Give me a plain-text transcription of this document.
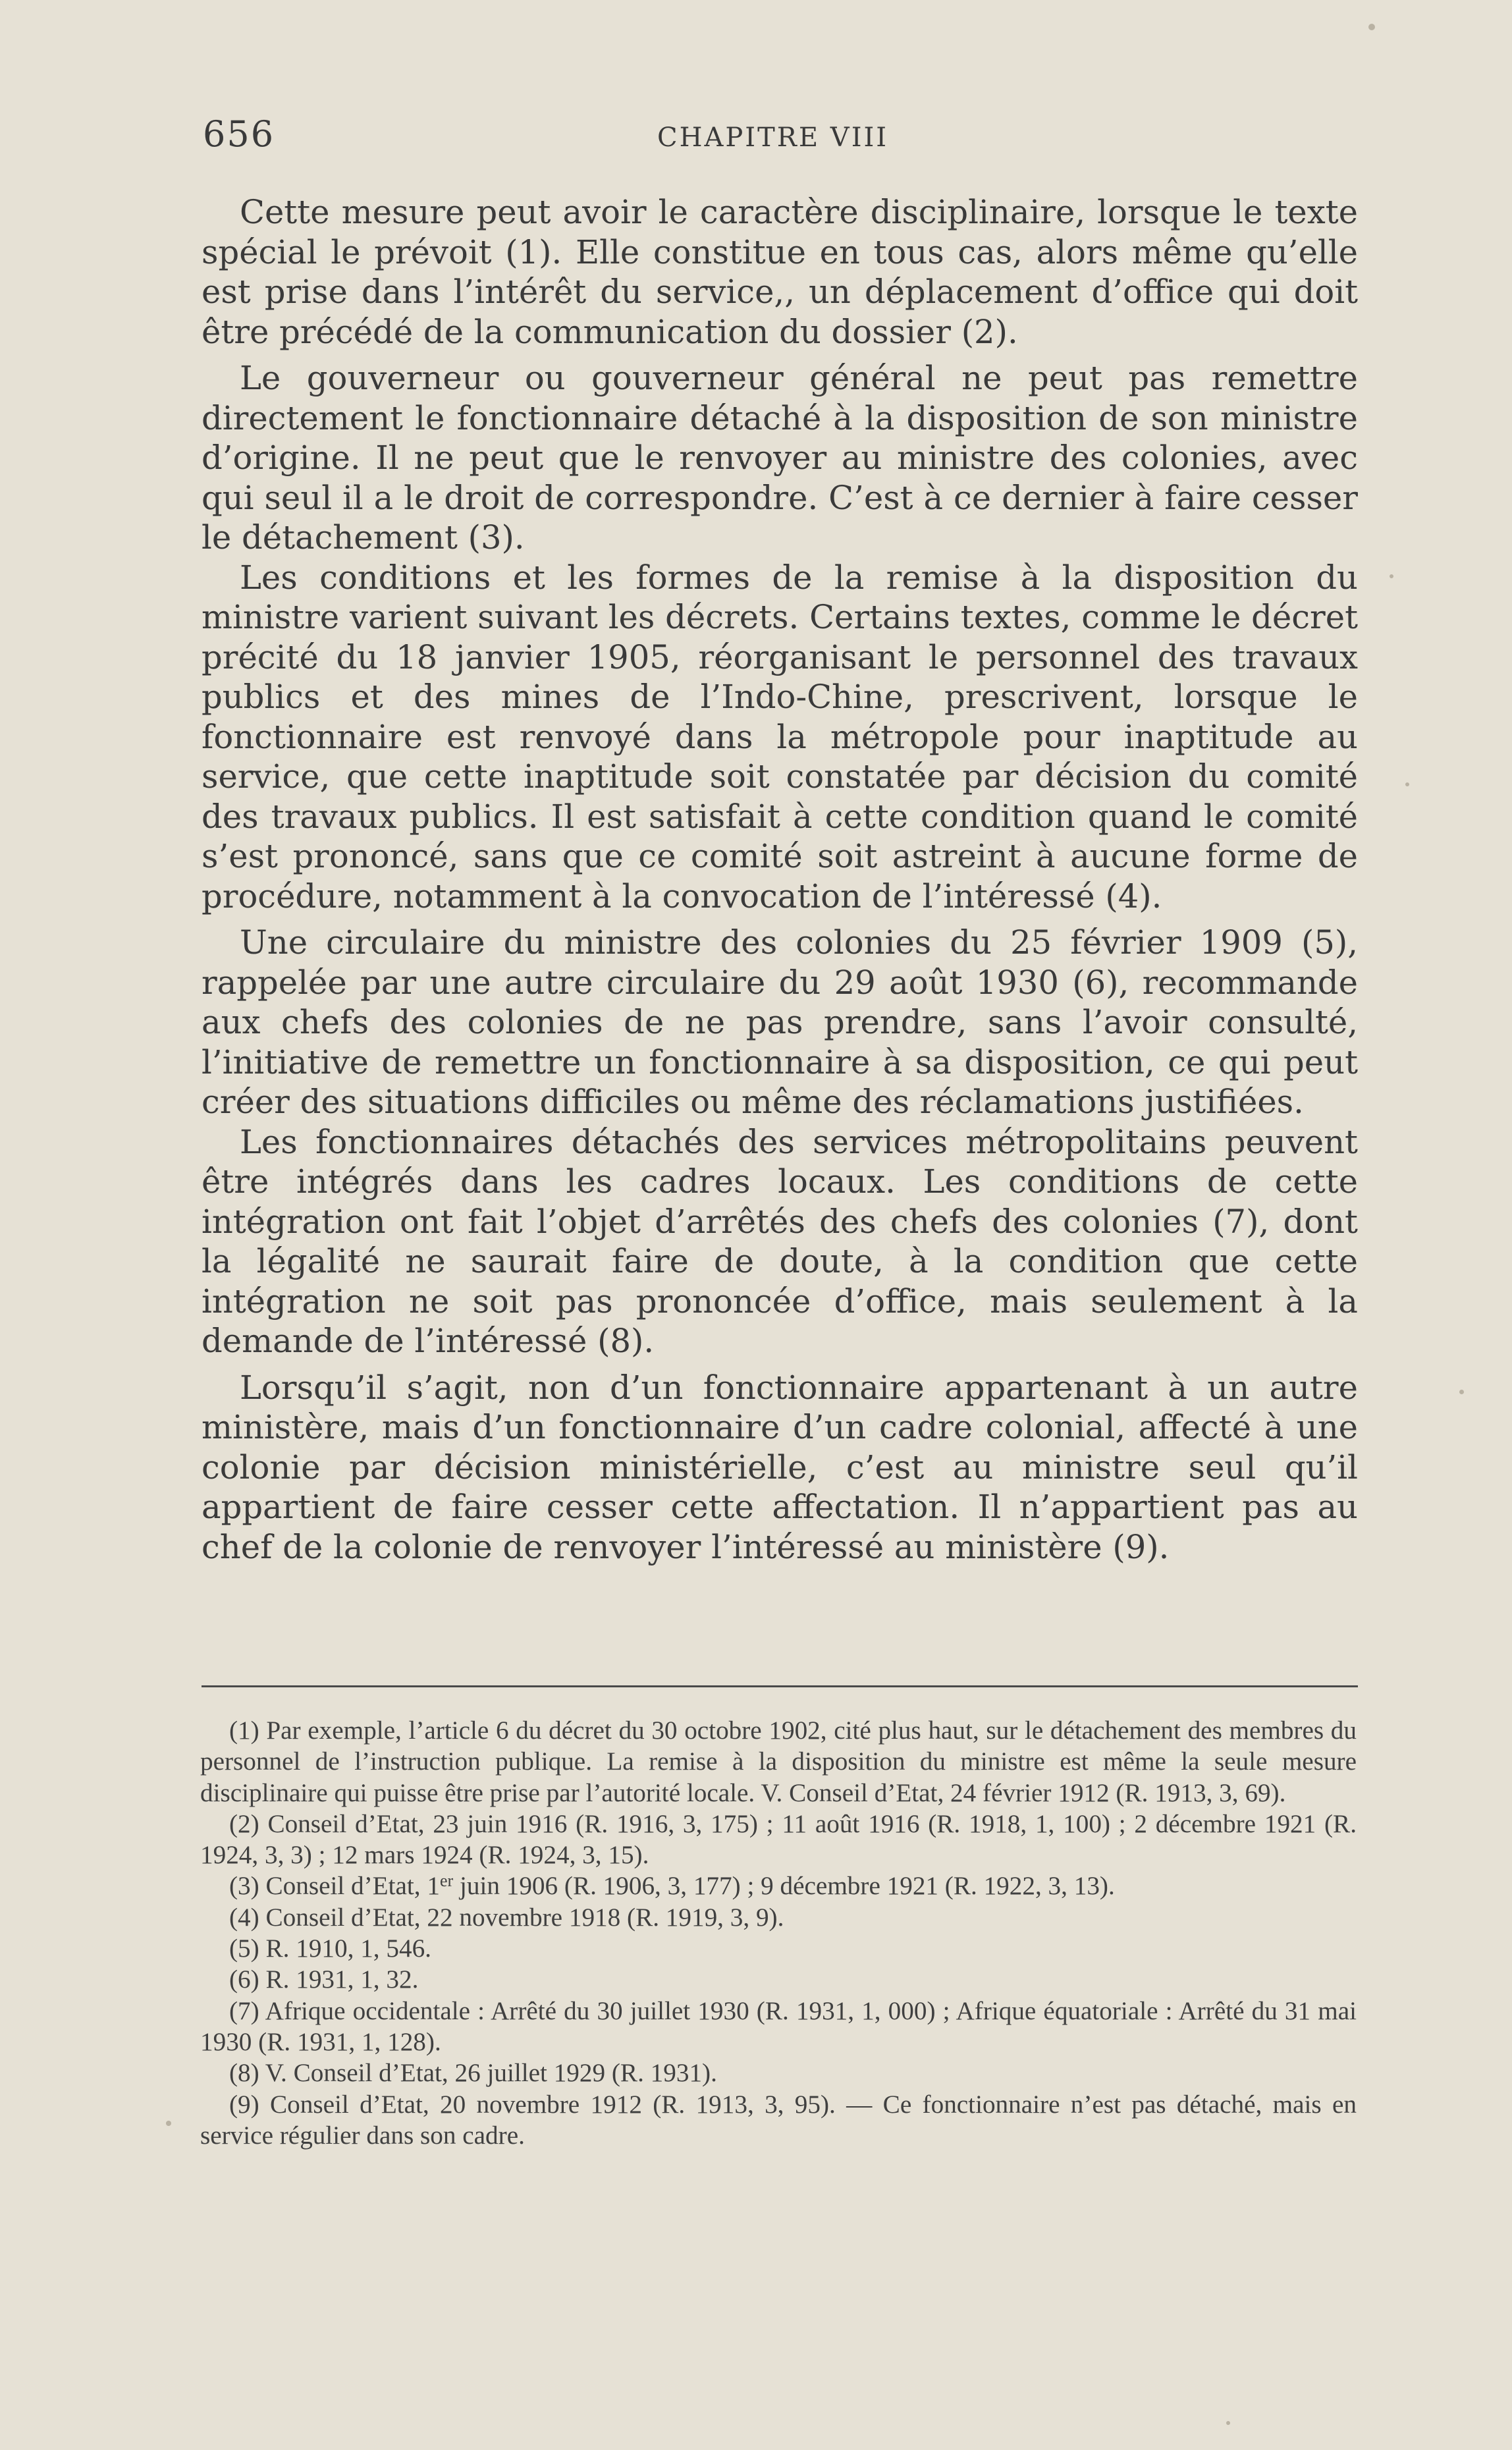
656	CHAPITRE VIII

Cette mesure peut avoir le caractère disciplinaire, lorsque le texte spécial le prévoit (1). Elle constitue en tous cas, alors même qu’elle est prise dans l’intérêt du service,, un déplacement d’office qui doit être précédé de la communication du dossier (2).

Le gouverneur ou gouverneur général ne peut pas remettre directement le fonctionnaire détaché à la disposition de son ministre d’origine. Il ne peut que le renvoyer au ministre des colonies, avec qui seul il a le droit de correspondre. C’est à ce dernier à faire cesser le détachement (3).

Les conditions et les formes de la remise à la disposition du ministre varient suivant les décrets. Certains textes, comme le décret précité du 18 janvier 1905, réorganisant le personnel des travaux publics et des mines de l’Indo-Chine, prescrivent, lorsque le fonctionnaire est renvoyé dans la métropole pour inaptitude au service, que cette inaptitude soit constatée par décision du comité des travaux publics. Il est satisfait à cette condition quand le comité s’est prononcé, sans que ce comité soit astreint à aucune forme de procédure, notamment à la convocation de l’intéressé (4).

Une circulaire du ministre des colonies du 25 février 1909 (5), rappelée par une autre circulaire du 29 août 1930 (6), recommande aux chefs des colonies de ne pas prendre, sans l’avoir consulté, l’initiative de remettre un fonctionnaire à sa disposition, ce qui peut créer des situations difficiles ou même des réclamations justifiées.

Les fonctionnaires détachés des services métropolitains peuvent être intégrés dans les cadres locaux. Les conditions de cette intégration ont fait l’objet d’arrêtés des chefs des colonies (7), dont la légalité ne saurait faire de doute, à la condition que cette intégration ne soit pas prononcée d’office, mais seulement à la demande de l’intéressé (8).

Lorsqu’il s’agit, non d’un fonctionnaire appartenant à un autre ministère, mais d’un fonctionnaire d’un cadre colonial, affecté à une colonie par décision ministérielle, c’est au ministre seul qu’il appartient de faire cesser cette affectation. Il n’appartient pas au chef de la colonie de renvoyer l’intéressé au ministère (9).

(1) Par exemple, l’article 6 du décret du 30 octobre 1902, cité plus haut, sur le détachement des membres du personnel de l’instruction publique. La remise à la disposition du ministre est même la seule mesure disciplinaire qui puisse être prise par l’autorité locale. V. Conseil d’Etat, 24 février 1912 (R. 1913, 3, 69).

(2) Conseil d’Etat, 23 juin 1916 (R. 1916, 3, 175) ; 11 août 1916 (R. 1918, 1, 100) ; 2 décembre 1921 (R. 1924, 3, 3) ; 12 mars 1924 (R. 1924, 3, 15).

(3) Conseil d’Etat, 1er juin 1906 (R. 1906, 3, 177) ; 9 décembre 1921 (R. 1922, 3, 13).

(4) Conseil d’Etat, 22 novembre 1918 (R. 1919, 3, 9).

(5) R. 1910, 1, 546.

(6) R. 1931, 1, 32.

(7) Afrique occidentale : Arrêté du 30 juillet 1930 (R. 1931, 1, 000) ; Afrique équatoriale : Arrêté du 31 mai 1930 (R. 1931, 1, 128).

(8) V. Conseil d’Etat, 26 juillet 1929 (R. 1931).

(9) Conseil d’Etat, 20 novembre 1912 (R. 1913, 3, 95). — Ce fonctionnaire n’est pas détaché, mais en service régulier dans son cadre.
